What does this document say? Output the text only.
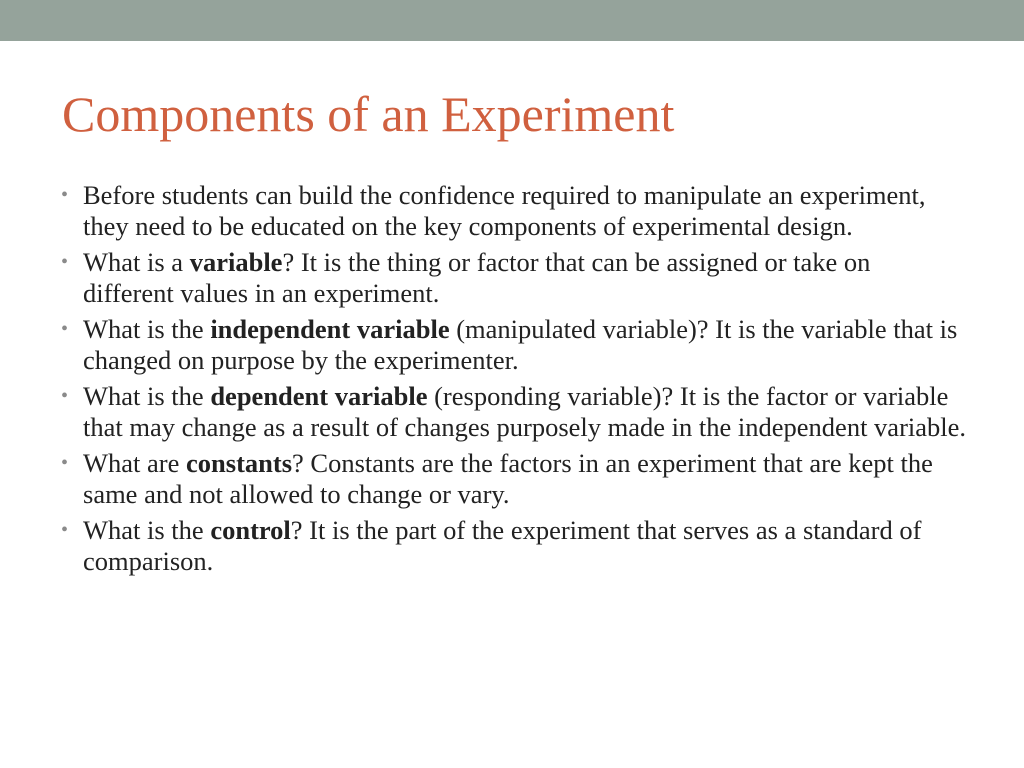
Components of an Experiment
• Before students can build the confidence required to manipulate an experiment, they need to be educated on the key components of experimental design.
• What is a variable? It is the thing or factor that can be assigned or take on different values in an experiment.
• What is the independent variable (manipulated variable)? It is the variable that is changed on purpose by the experimenter.
• What is the dependent variable (responding variable)? It is the factor or variable that may change as a result of changes purposely made in the independent variable.
• What are constants? Constants are the factors in an experiment that are kept the same and not allowed to change or vary.
• What is the control? It is the part of the experiment that serves as a standard of comparison.
